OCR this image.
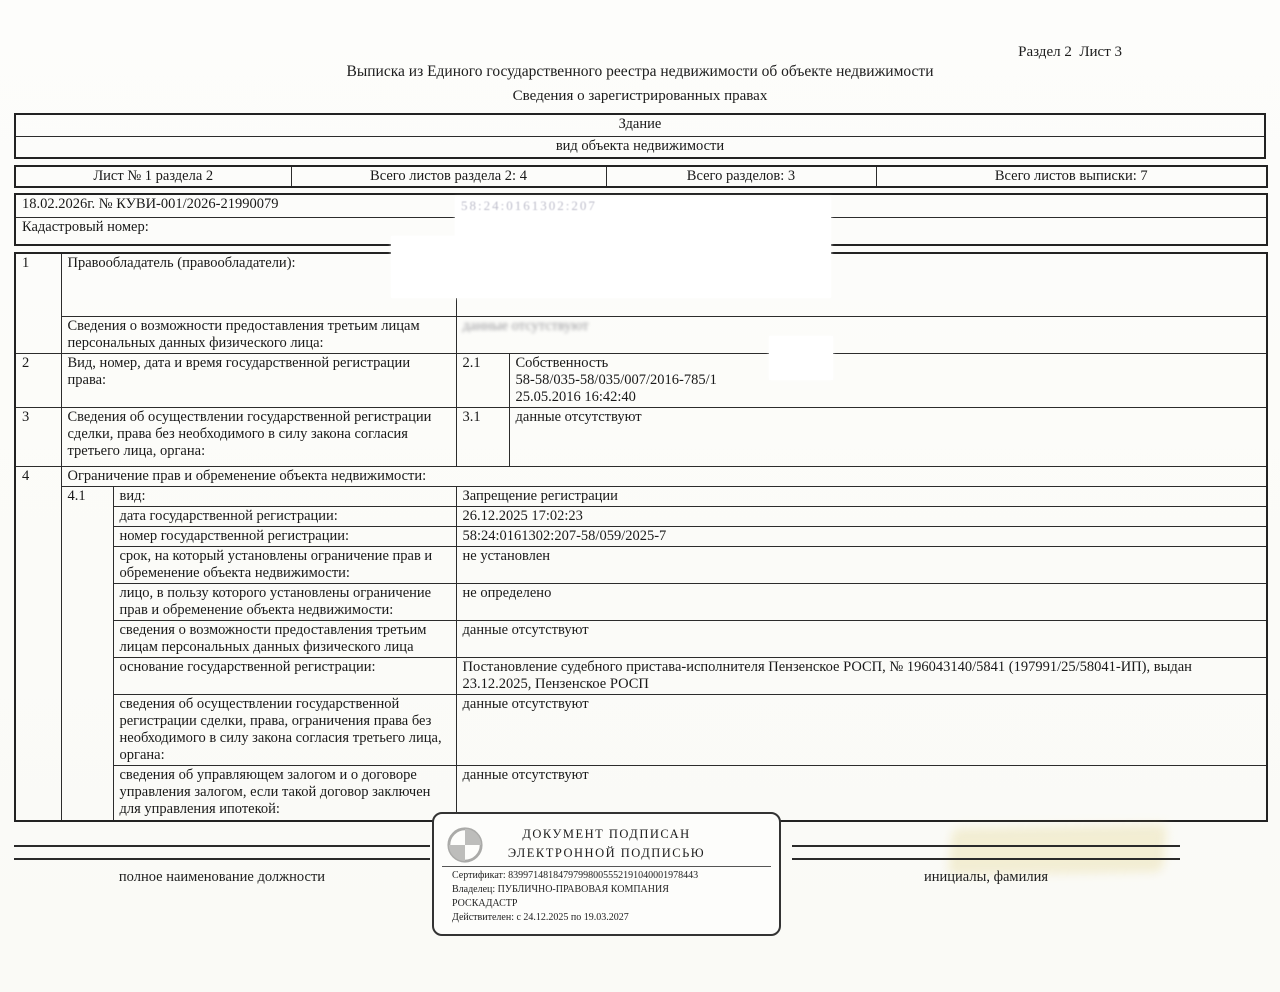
Раздел 2  Лист 3
Выписка из Единого государственного реестра недвижимости об объекте недвижимости
Сведения о зарегистрированных правах
Здание
вид объекта недвижимости
Лист № 1 раздела 2	Всего листов раздела 2: 4	Всего разделов: 3	Всего листов выписки: 7
18.02.2026г. № КУВИ-001/2026-21990079
Кадастровый номер:	
1	Правообладатель (правообладатели):			
	Сведения о возможности предоставления третьим лицам персональных данных физического лица:		данные отсутствуют	
2	Вид, номер, дата и время государственной регистрации права:		2.1	Собственность
58-58/035-58/035/007/2016-785/1
25.05.2016 16:42:40

3	Сведения об осуществлении государственной регистрации сделки, права без необходимого в силу закона согласия третьего лица, органа:		3.1	данные отсутствуют
4	Ограничение прав и обременение объекта недвижимости:			
	4.1	вид:	Запрещение регистрации	
		дата государственной регистрации:	26.12.2025 17:02:23	
		номер государственной регистрации:	58:24:0161302:207-58/059/2025-7	
		срок, на который установлены ограничение прав и обременение объекта недвижимости:	не установлен	
		лицо, в пользу которого установлены ограничение прав и обременение объекта недвижимости:	не определено	
		сведения о возможности предоставления третьим лицам персональных данных физического лица	данные отсутствуют	
		основание государственной регистрации:	Постановление судебного пристава-исполнителя Пензенское РОСП, № 196043140/5841 (197991/25/58041-ИП), выдан 23.12.2025, Пензенское РОСП	
		сведения об осуществлении государственной регистрации сделки, права, ограничения права без необходимого в силу закона согласия третьего лица, органа:	данные отсутствуют	
		сведения об управляющем залогом и о договоре управления залогом, если такой договор заключен для управления ипотекой:	данные отсутствуют	
58:24:0161302:207
полное наименование должности	инициалы, фамилия
ДОКУМЕНТ ПОДПИСАН
ЭЛЕКТРОННОЙ ПОДПИСЬЮ
Сертификат: 83997148184797998005552191040001978443
Владелец: ПУБЛИЧНО-ПРАВОВАЯ КОМПАНИЯ
РОСКАДАСТР
Действителен: с 24.12.2025 по 19.03.2027
